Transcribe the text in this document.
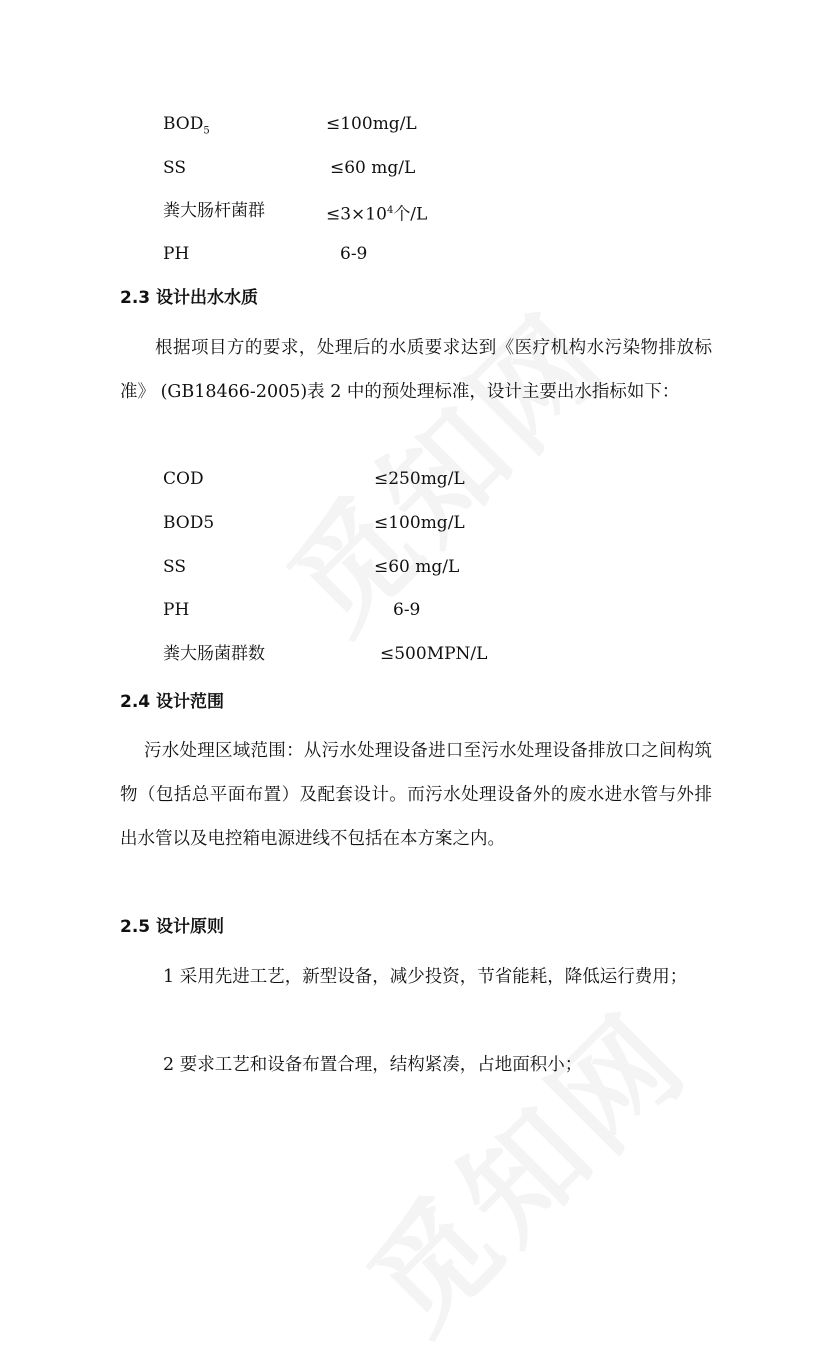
$BOD_5$	≤100mg/L
SS	≤60 mg/L
粪大肠杆菌群	$\le 3\times 10^4$个/L
PH	6-9
2.3 设计出水水质
根据项目方的要求，处理后的水质要求达到《医疗机构水污染物排放标准》 (GB18466-2005)表 2 中的预处理标准，设计主要出水指标如下：
COD	≤250mg/L
BOD5	≤100mg/L
SS	≤60 mg/L
PH	6-9
粪大肠菌群数	≤500MPN/L
2.4 设计范围
污水处理区域范围：从污水处理设备进口至污水处理设备排放口之间构筑物（包括总平面布置）及配套设计。而污水处理设备外的废水进水管与外排出水管以及电控箱电源进线不包括在本方案之内。
2.5 设计原则
1 采用先进工艺，新型设备，减少投资，节省能耗，降低运行费用；
2 要求工艺和设备布置合理，结构紧凑，占地面积小；
